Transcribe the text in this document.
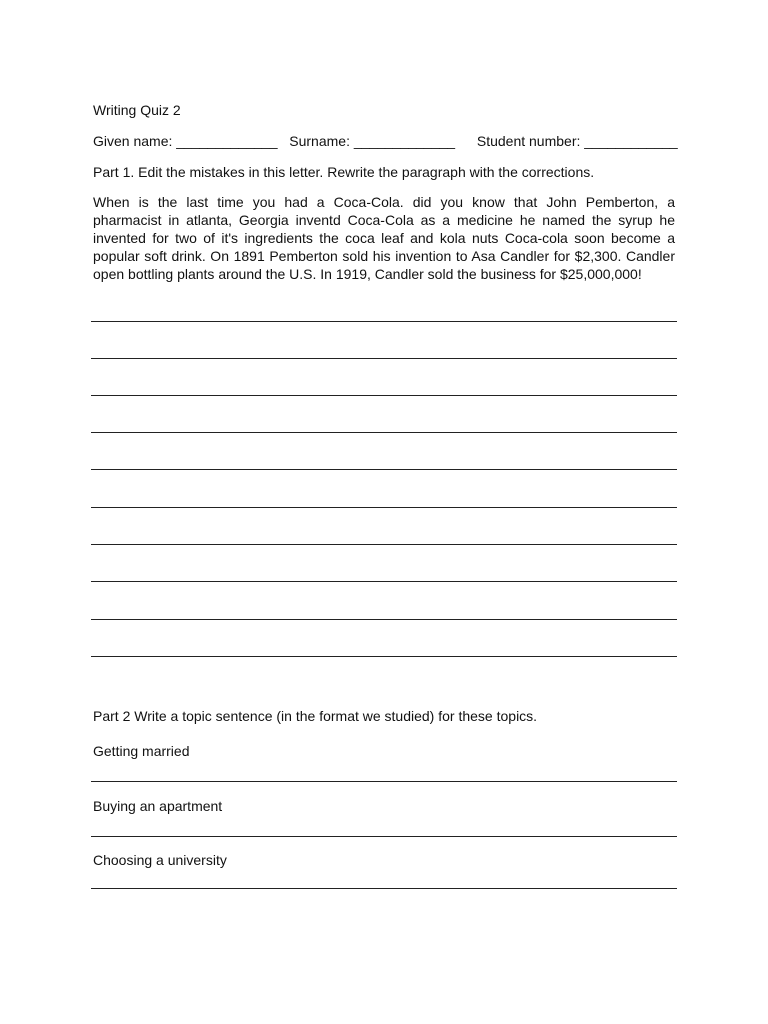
Writing Quiz 2

Given name: _____________ Surname: _____________ Student number: ____________

Part 1. Edit the mistakes in this letter. Rewrite the paragraph with the corrections.

When is the last time you had a Coca-Cola. did you know that John Pemberton, a
pharmacist in atlanta, Georgia inventd Coca-Cola as a medicine he named the syrup he
invented for two of it's ingredients the coca leaf and kola nuts Coca-cola soon become a
popular soft drink. On 1891 Pemberton sold his invention to Asa Candler for $2,300. Candler
open bottling plants around the U.S. In 1919, Candler sold the business for $25,000,000!

Part 2 Write a topic sentence (in the format we studied) for these topics.

Getting married

Buying an apartment

Choosing a university
